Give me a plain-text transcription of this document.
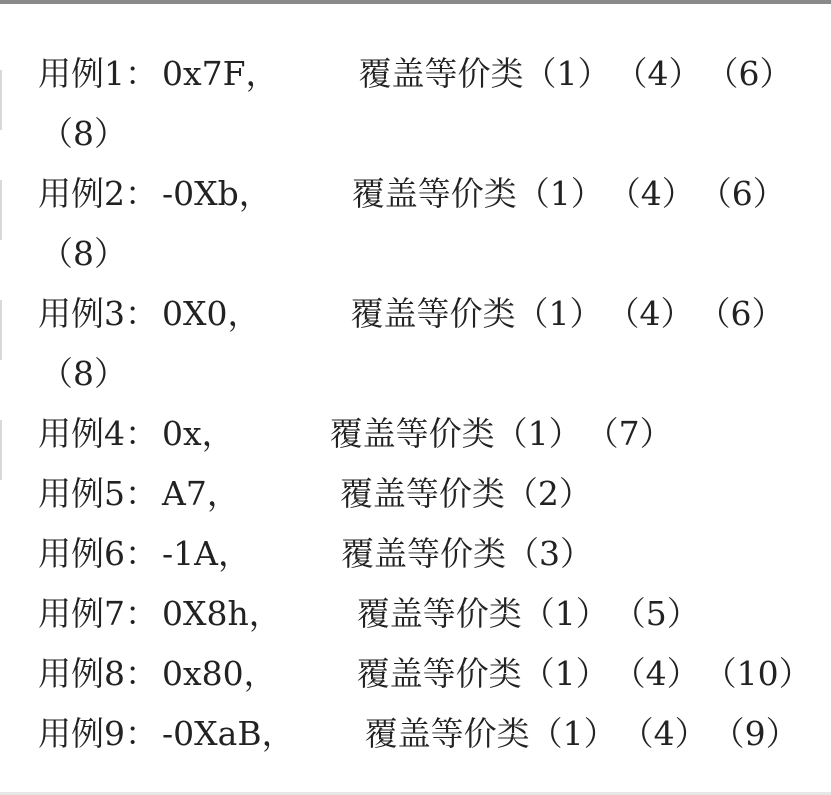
用例1： 0x7F， 覆盖等价类（1） （4） （6）
（8）
用例2： -0Xb， 覆盖等价类（1） （4） （6）
（8）
用例3： 0X0，	覆盖等价类（1） （4） （6）
（8）
用例4： 0x，	覆盖等价类（1） （7）
用例5： A7，	覆盖等价类（2）
用例6： -1A，	覆盖等价类（3）
用例7： 0X8h， 覆盖等价类（1） （5）
用例8： 0x80， 覆盖等价类（1） （4） （10）
用例9： -0XaB， 覆盖等价类（1） （4） （9）
